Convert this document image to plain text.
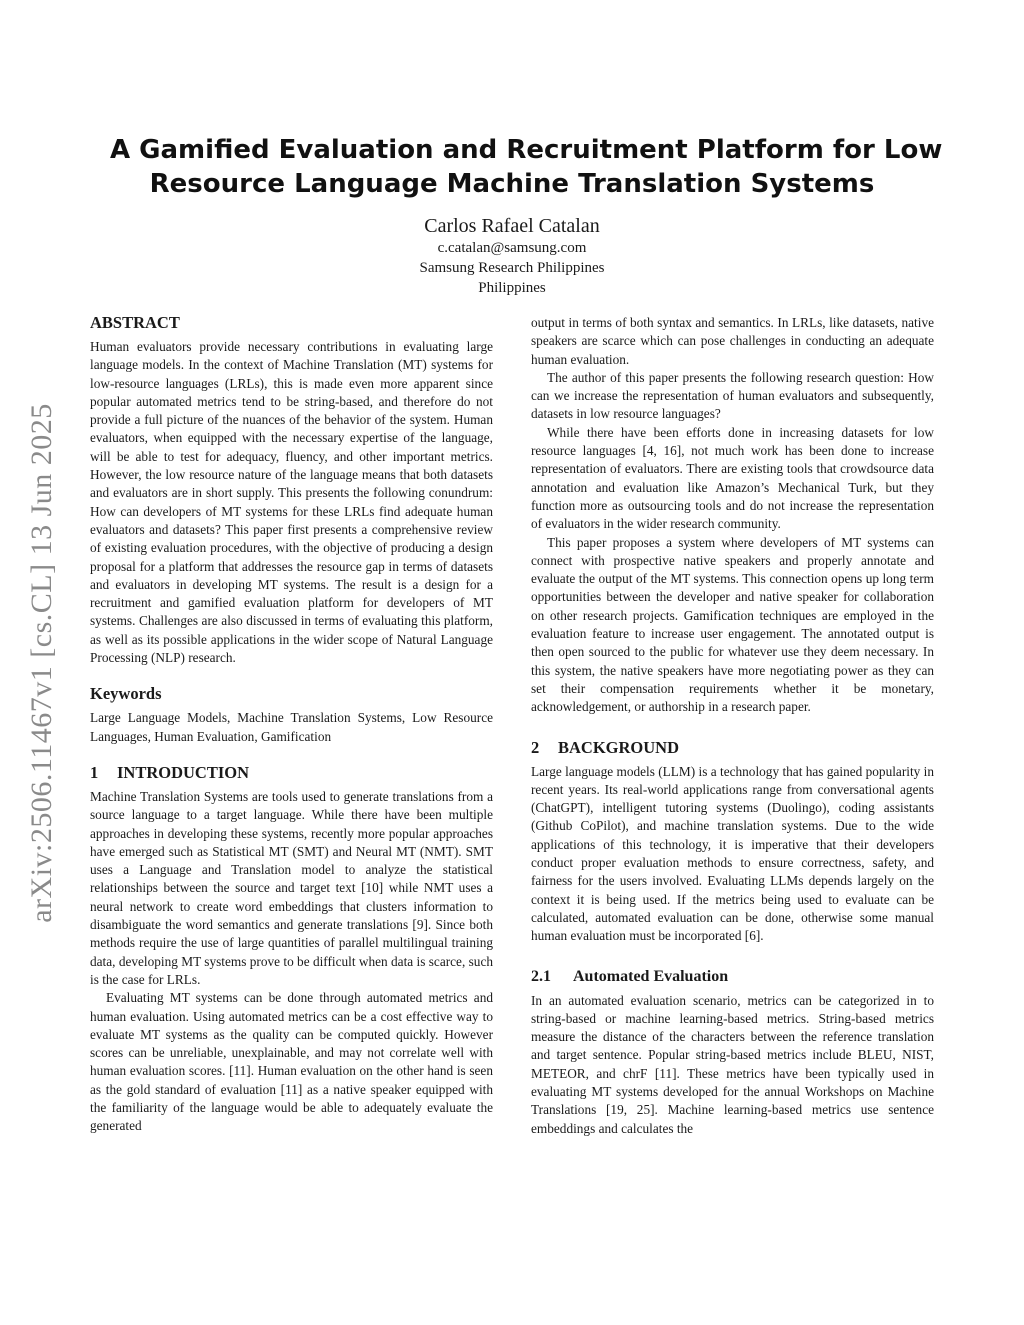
arXiv:2506.11467v1 [cs.CL] 13 Jun 2025
A Gamified Evaluation and Recruitment Platform for Low
Resource Language Machine Translation Systems
Carlos Rafael Catalan
c.catalan@samsung.com
Samsung Research Philippines
Philippines
ABSTRACT

Human evaluators provide necessary contributions in evaluating large language models. In the context of Machine Translation (MT) systems for low-resource languages (LRLs), this is made even more apparent since popular automated metrics tend to be string-based, and therefore do not provide a full picture of the nuances of the behavior of the system. Human evaluators, when equipped with the necessary expertise of the language, will be able to test for adequacy, fluency, and other important metrics. However, the low resource nature of the language means that both datasets and evaluators are in short supply. This presents the following conundrum: How can developers of MT systems for these LRLs find adequate human evaluators and datasets? This paper first presents a comprehensive review of existing evaluation procedures, with the objective of producing a design proposal for a platform that addresses the resource gap in terms of datasets and evaluators in developing MT systems. The result is a design for a recruitment and gamified evaluation platform for developers of MT systems. Challenges are also discussed in terms of evaluating this platform, as well as its possible applications in the wider scope of Natural Language Processing (NLP) research.

Keywords

Large Language Models, Machine Translation Systems, Low Resource Languages, Human Evaluation, Gamification

1 INTRODUCTION

Machine Translation Systems are tools used to generate translations from a source language to a target language. While there have been multiple approaches in developing these systems, recently more popular approaches have emerged such as Statistical MT (SMT) and Neural MT (NMT). SMT uses a Language and Translation model to analyze the statistical relationships between the source and target text [10] while NMT uses a neural network to create word embeddings that clusters information to disambiguate the word semantics and generate translations [9]. Since both methods require the use of large quantities of parallel multilingual training data, developing MT systems prove to be difficult when data is scarce, such is the case for LRLs.

Evaluating MT systems can be done through automated metrics and human evaluation. Using automated metrics can be a cost effective way to evaluate MT systems as the quality can be computed quickly. However scores can be unreliable, unexplainable, and may not correlate well with human evaluation scores. [11]. Human evaluation on the other hand is seen as the gold standard of evaluation [11] as a native speaker equipped with the familiarity of the language would be able to adequately evaluate the generated

output in terms of both syntax and semantics. In LRLs, like datasets, native speakers are scarce which can pose challenges in conducting an adequate human evaluation.

The author of this paper presents the following research question: How can we increase the representation of human evaluators and subsequently, datasets in low resource languages?

While there have been efforts done in increasing datasets for low resource languages [4, 16], not much work has been done to increase representation of evaluators. There are existing tools that crowdsource data annotation and evaluation like Amazon’s Mechanical Turk, but they function more as outsourcing tools and do not increase the representation of evaluators in the wider research community.

This paper proposes a system where developers of MT systems can connect with prospective native speakers and properly annotate and evaluate the output of the MT systems. This connection opens up long term opportunities between the developer and native speaker for collaboration on other research projects. Gamification techniques are employed in the evaluation feature to increase user engagement. The annotated output is then open sourced to the public for whatever use they deem necessary. In this system, the native speakers have more negotiating power as they can set their compensation requirements whether it be monetary, acknowledgement, or authorship in a research paper.

2 BACKGROUND

Large language models (LLM) is a technology that has gained popularity in recent years. Its real-world applications range from conversational agents (ChatGPT), intelligent tutoring systems (Duolingo), coding assistants (Github CoPilot), and machine translation systems. Due to the wide applications of this technology, it is imperative that their developers conduct proper evaluation methods to ensure correctness, safety, and fairness for the users involved. Evaluating LLMs depends largely on the context it is being used. If the metrics being used to evaluate can be calculated, automated evaluation can be done, otherwise some manual human evaluation must be incorporated [6].

2.1 Automated Evaluation

In an automated evaluation scenario, metrics can be categorized in to string-based or machine learning-based metrics. String-based metrics measure the distance of the characters between the reference translation and target sentence. Popular string-based metrics include BLEU, NIST, METEOR, and chrF [11]. These metrics have been typically used in evaluating MT systems developed for the annual Workshops on Machine Translations [19, 25]. Machine learning-based metrics use sentence embeddings and calculates the
